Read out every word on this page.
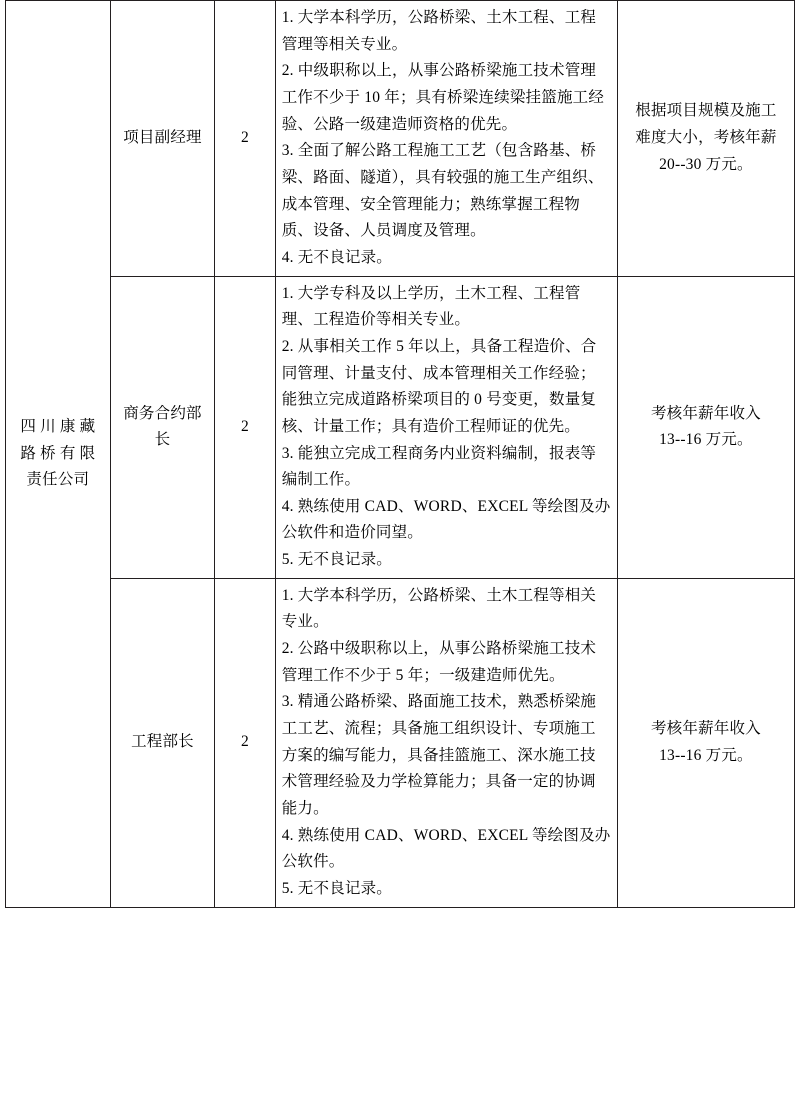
四 川 康 藏
路 桥 有 限
责任公司	项目副经理	2	1. 大学本科学历，公路桥梁、土木工程、工程管理等相关专业。
2. 中级职称以上，从事公路桥梁施工技术管理工作不少于 10 年；具有桥梁连续梁挂篮施工经验、公路一级建造师资格的优先。
3. 全面了解公路工程施工工艺（包含路基、桥梁、路面、隧道），具有较强的施工生产组织、成本管理、安全管理能力；熟练掌握工程物质、设备、人员调度及管理。
4. 无不良记录。	根据项目规模及施工
难度大小，考核年薪
20--30 万元。

	商务合约部
长	2	1. 大学专科及以上学历，土木工程、工程管理、工程造价等相关专业。
2. 从事相关工作 5 年以上，具备工程造价、合同管理、计量支付、成本管理相关工作经验；能独立完成道路桥梁项目的 0 号变更，数量复核、计量工作；具有造价工程师证的优先。
3. 能独立完成工程商务内业资料编制，报表等编制工作。
4. 熟练使用 CAD、WORD、EXCEL 等绘图及办公软件和造价同望。
5. 无不良记录。	考核年薪年收入
13--16 万元。

	工程部长	2	1. 大学本科学历，公路桥梁、土木工程等相关专业。
2. 公路中级职称以上，从事公路桥梁施工技术管理工作不少于 5 年；一级建造师优先。
3. 精通公路桥梁、路面施工技术，熟悉桥梁施工工艺、流程；具备施工组织设计、专项施工方案的编写能力，具备挂篮施工、深水施工技术管理经验及力学检算能力；具备一定的协调能力。
4. 熟练使用 CAD、WORD、EXCEL 等绘图及办公软件。
5. 无不良记录。	考核年薪年收入
13--16 万元。
